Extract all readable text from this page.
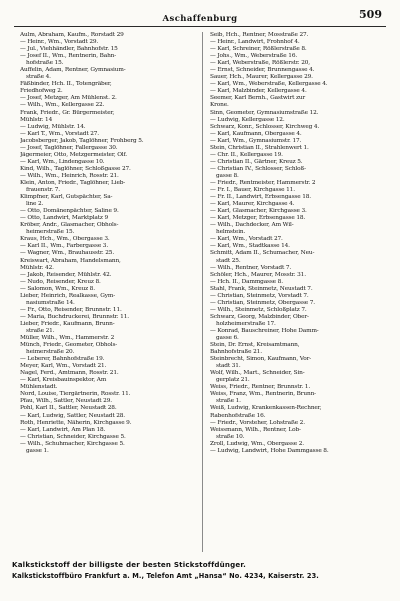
Aschaffenburg	509
Aulm, Abraham, Kaufm., Rorstadt 29
— Heinr., Wm., Vorstadt 29.
— Jul., Viehhändler, Bahnhofstr. 15
— Josef II., Wm., Rentnerin, Bahn-
hofstraße 15.
Auffelin, Adam, Rentner, Gymnasium-
straße 4.
Fäßbinder, Hch. II., Totengräber,
Friedhofweg 2.
— Josef, Metzger, Am Mühlenst. 2.
— Wilh., Wm., Kellergasse 22.
Frank, Friedr., Gr. Bürgermeister,
Mühlstr. 14
— Ludwig, Mühlstr. 14.
— Karl T., Wm., Vorstadt 27.
Jacobsberger, Jakob, Taglöhner, Frohberg 5.
— Josef, Taglöhner, Fallergasse 30.
Jägermeier, Otto, Metzgermeister, Olf.
— Karl, Wm., Lindengasse 10.
Kind, Wilh., Taglöhner, Schloßgasse 27.
— Wilh., Wm., Heinrich, Rosstr. 21.
Klein, Anton, Friedr., Taglöhner, Lieb-
frauenstr. 7.
Klimpfner, Karl, Gutspächter, Sa-
line 2.
— Otto, Domänenpächter, Saline 9.
— Otto, Landwirt, Marktplatz 9
Kröber, Andr., Glasmacher, Obhols-
heimerstraße 15.
Kraus, Hch., Wm., Obergasse 3.
— Karl II., Wm., Farbergasse 3.
— Wagner, Wm., Brauhausstr. 25.
Kreiswart, Abraham, Handelsmann,
Mühlstr. 42.
— Jakob, Reisender, Mühlstr. 42.
— Nudo, Reisender, Kreuz 8.
— Salomon, Wm., Kreuz 8.
Lieber, Heinrich, Realkasse, Gym-
nasiumstraße 14.
— Fr., Otto, Reisender, Brunnstr. 11.
— Maria, Buchdruckerei, Brunnstr. 11.
Lieber, Friedr., Kaufmann, Brunn-
straße 21.
Müller, Wilh., Wm., Hammerstr. 2
Münch, Friedr., Geometer, Obhols-
heimerstraße 20.
— Leberer, Bahnhofstraße 19.
Meyer, Karl, Wm., Vorstadt 21.
Nagel, Ferd., Amtmann, Rosstr. 21.
— Karl, Kreisbauinspektor, Am
Mühlenstadt.
Nord, Louise, Tiergärtnerin, Rosstr. 11.
Pfau, Wilh., Sattler, Neustadt 29.
Pohl, Karl II., Sattler, Neustadt 28.
— Karl, Ludwig, Sattler, Neustadt 28.
Roth, Henriette, Näherin, Kirchgasse 9.
— Karl, Landwirt, Am Plan 18.
— Christian, Schneider, Kirchgasse 5.
— Wilh., Schuhmacher, Kirchgasse 5.
gasse 1.
Seib, Hch., Rentner, Mosstraße 27.
— Heinr., Landwirt, Frohnhof 4.
— Karl, Schreiner, Rößlerstraße 8.
— Johs., Wm., Weberstraße 16.
— Karl, Weberstraße, Rößlerstr. 20,
— Ernst, Schneider, Brunnengasse 4.
Sauer, Hch., Maurer, Kellergasse 29.
— Karl, Wm., Weberstraße, Kellergasse 4.
— Karl, Malzbinder, Kellergasse 4.
Seemer, Karl Bernh., Gastwirt zur
Krone.
Sinn, Geometer, Gymnasiumstraße 12.
— Ludwig, Kellergasse 12.
Schwarz, Konr., Schlosser, Kirchweg 4.
— Karl, Kaufmann, Obergasse 4.
— Karl, Wm., Gymnasiumstr. 17.
Stein, Christian II., Strahlenwert 1.
— Chr. II., Kellergasse 19.
— Christian II., Gärtner, Kreuz 5.
— Christian IV., Schlosser, Schloß-
gasse 8.
— Friedr., Rentmeister, Hammerstr. 2
— Fr. I., Bauer, Kirchgasse 11.
— Fr. II., Landwirt, Erbsengasse 18.
— Karl, Maurer, Kirchgasse 4.
— Karl, Glasmacher, Kirchgasse 3.
— Karl, Metzger, Erbsengasse 18.
— Wilh., Dachdecker, Am Wil-
helmstein.
— Karl, Wm., Vorstadt 27.
— Karl, Wm., Stadtkasse 14.
Schmitt, Adam II., Schumacher, Neu-
stadt 25.
— Wilh., Rentner, Vorstadt 7.
Schöler, Hch., Maurer, Mosstr. 31.
— Hch. II., Dammgasse 8.
Stahl, Frank, Steinmetz, Neustadt 7.
— Christian, Steinmetz, Vorstadt 7.
— Christian, Steinmetz, Obergasse 7.
— Wilh., Steinmetz, Schloßplatz 7.
Schwarz, Georg, Malzbinder, Ober-
holzheimerstraße 17.
— Konrad, Bauschreiner, Hohe Damm-
gasse 6.
Stein, Dr. Ernst, Kreisamtmann,
Bahnhofstraße 21.
Steinbrecht, Simon, Kaufmann, Vor-
stadt 31.
Wolf, Wilh., Mart., Schneider, Sin-
gerplatz 21.
Weiss, Friedr., Rentner, Brunnstr. 1.
Weiss, Franz, Wm., Rentnerin, Brunn-
straße 1.
Weiß, Ludwig, Krankenkassen-Rechner,
Rabenhofstraße 16.
— Friedr., Vorsteher, Lohstraße 2.
Weissmann, Wilh., Rentner, Lob-
straße 10.
Zroll, Ludwig, Wm., Obergasse 2.
— Ludwig, Landwirt, Hohe Dammgasse 8.
Kalkstickstoff der billigste der besten Stickstoffdünger.
Kalkstickstoffbüro Frankfurt a. M., Telefon Amt „Hansa“ No. 4234, Kaiserstr. 23.
